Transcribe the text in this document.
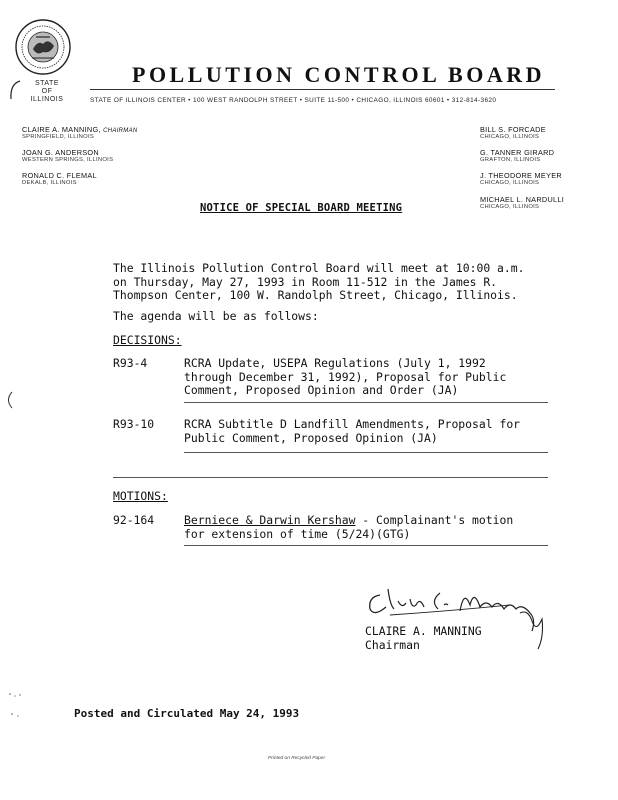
STATE
OF
ILLINOIS
POLLUTION CONTROL BOARD
STATE OF ILLINOIS CENTER • 100 WEST RANDOLPH STREET • SUITE 11-500 • CHICAGO, ILLINOIS 60601 • 312-814-3620
CLAIRE A. MANNING, CHAIRMAN
SPRINGFIELD, ILLINOIS
JOAN G. ANDERSON
WESTERN SPRINGS, ILLINOIS
RONALD C. FLEMAL
DEKALB, ILLINOIS
BILL S. FORCADE
CHICAGO, ILLINOIS
G. TANNER GIRARD
GRAFTON, ILLINOIS
J. THEODORE MEYER
CHICAGO, ILLINOIS
MICHAEL L. NARDULLI
CHICAGO, ILLINOIS
NOTICE OF SPECIAL BOARD MEETING
The Illinois Pollution Control Board will meet at 10:00 a.m.
on Thursday, May 27, 1993 in Room 11-512 in the James R.
Thompson Center, 100 W. Randolph Street, Chicago, Illinois.
The agenda will be as follows:
DECISIONS:
R93-4	RCRA Update, USEPA Regulations (July 1, 1992
through December 31, 1992), Proposal for Public
Comment, Proposed Opinion and Order (JA)
R93-10	RCRA Subtitle D Landfill Amendments, Proposal for
Public Comment, Proposed Opinion (JA)
MOTIONS:
92-164	Berniece & Darwin Kershaw - Complainant's motion
for extension of time (5/24)(GTG)
CLAIRE A. MANNING
Chairman
Posted and Circulated May 24, 1993
Printed on Recycled Paper
